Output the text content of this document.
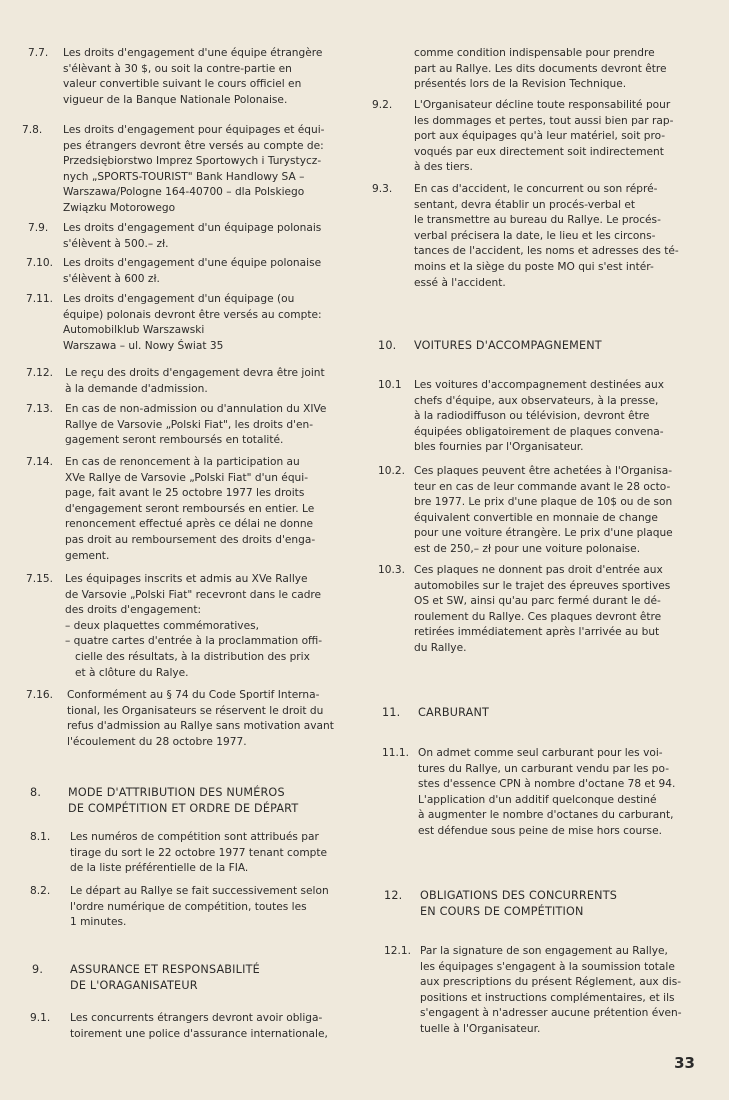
7.7. Les droits d'engagement d'une équipe étrangère
s'élèvant à 30 $, ou soit la contre-partie en
valeur convertible suivant le cours officiel en
vigueur de la Banque Nationale Polonaise.
7.8. Les droits d'engagement pour équipages et équi-
pes étrangers devront être versés au compte de:
Przedsiębiorstwo Imprez Sportowych i Turystycz-
nych „SPORTS-TOURIST" Bank Handlowy SA –
Warszawa/Pologne 164-40700 – dla Polskiego
Związku Motorowego
7.9. Les droits d'engagement d'un équipage polonais
s'élèvent à 500.– zł.
7.10. Les droits d'engagement d'une équipe polonaise
s'élèvent à 600 zł.
7.11. Les droits d'engagement d'un équipage (ou
équipe) polonais devront être versés au compte:
Automobilklub Warszawski
Warszawa – ul. Nowy Świat 35
7.12. Le reçu des droits d'engagement devra être joint
à la demande d'admission.
7.13. En cas de non-admission ou d'annulation du XIVe
Rallye de Varsovie „Polski Fiat", les droits d'en-
gagement seront remboursés en totalité.
7.14. En cas de renoncement à la participation au
XVe Rallye de Varsovie „Polski Fiat" d'un équi-
page, fait avant le 25 octobre 1977 les droits
d'engagement seront remboursés en entier. Le
renoncement effectué après ce délai ne donne
pas droit au remboursement des droits d'enga-
gement.
7.15. Les équipages inscrits et admis au XVe Rallye
de Varsovie „Polski Fiat" recevront dans le cadre
des droits d'engagement:
– deux plaquettes commémoratives,
– quatre cartes d'entrée à la proclammation offi-
cielle des résultats, à la distribution des prix
et à clôture du Ralye.
7.16. Conformément au § 74 du Code Sportif Interna-
tional, les Organisateurs se réservent le droit du
refus d'admission au Rallye sans motivation avant
l'écoulement du 28 octobre 1977.
8. MODE D'ATTRIBUTION DES NUMÉROS
DE COMPÉTITION ET ORDRE DE DÉPART
8.1. Les numéros de compétition sont attribués par
tirage du sort le 22 octobre 1977 tenant compte
de la liste préférentielle de la FIA.
8.2. Le départ au Rallye se fait successivement selon
l'ordre numérique de compétition, toutes les
1 minutes.
9. ASSURANCE ET RESPONSABILITÉ
DE L'ORAGANISATEUR
9.1. Les concurrents étrangers devront avoir obliga-
toirement une police d'assurance internationale,
comme condition indispensable pour prendre
part au Rallye. Les dits documents devront être
présentés lors de la Revision Technique.
9.2. L'Organisateur décline toute responsabilité pour
les dommages et pertes, tout aussi bien par rap-
port aux équipages qu'à leur matériel, soit pro-
voqués par eux directement soit indirectement
à des tiers.
9.3. En cas d'accident, le concurrent ou son répré-
sentant, devra établir un procés-verbal et
le transmettre au bureau du Rallye. Le procés-
verbal précisera la date, le lieu et les circons-
tances de l'accident, les noms et adresses des té-
moins et la siège du poste MO qui s'est intér-
essé à l'accident.
10. VOITURES D'ACCOMPAGNEMENT
10.1 Les voitures d'accompagnement destinées aux
chefs d'équipe, aux observateurs, à la presse,
à la radiodiffuson ou télévision, devront être
équipées obligatoirement de plaques convena-
bles fournies par l'Organisateur.
10.2. Ces plaques peuvent être achetées à l'Organisa-
teur en cas de leur commande avant le 28 octo-
bre 1977. Le prix d'une plaque de 10$ ou de son
équivalent convertible en monnaie de change
pour une voiture étrangère. Le prix d'une plaque
est de 250,– zł pour une voiture polonaise.
10.3. Ces plaques ne donnent pas droit d'entrée aux
automobiles sur le trajet des épreuves sportives
OS et SW, ainsi qu'au parc fermé durant le dé-
roulement du Rallye. Ces plaques devront être
retirées immédiatement après l'arrivée au but
du Rallye.
11. CARBURANT
11.1. On admet comme seul carburant pour les voi-
tures du Rallye, un carburant vendu par les po-
stes d'essence CPN à nombre d'octane 78 et 94.
L'application d'un additif quelconque destiné
à augmenter le nombre d'octanes du carburant,
est défendue sous peine de mise hors course.
12. OBLIGATIONS DES CONCURRENTS
EN COURS DE COMPÉTITION
12.1. Par la signature de son engagement au Rallye,
les équipages s'engagent à la soumission totale
aux prescriptions du présent Réglement, aux dis-
positions et instructions complémentaires, et ils
s'engagent à n'adresser aucune prétention éven-
tuelle à l'Organisateur.
33
